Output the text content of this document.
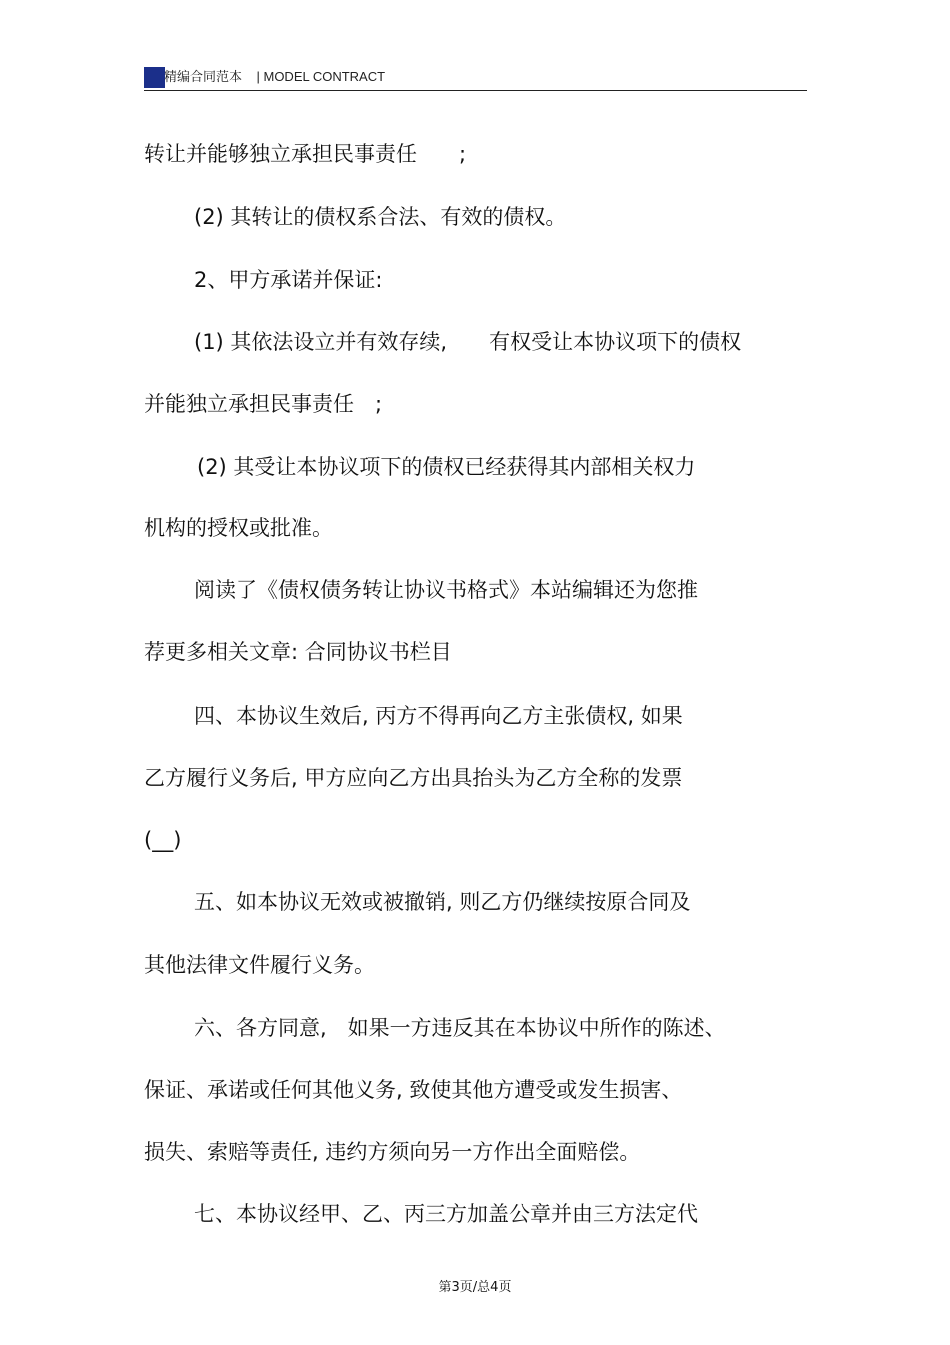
精编合同范本 | MODEL CONTRACT
转让并能够独立承担民事责任　　;
(2) 其转让的债权系合法、有效的债权。
2、甲方承诺并保证:
(1) 其依法设立并有效存续,　　有权受让本协议项下的债权
并能独立承担民事责任　;
(2) 其受让本协议项下的债权已经获得其内部相关权力
机构的授权或批准。
阅读了《债权债务转让协议书格式》本站编辑还为您推
荐更多相关文章: 合同协议书栏目
四、本协议生效后, 丙方不得再向乙方主张债权, 如果
乙方履行义务后, 甲方应向乙方出具抬头为乙方全称的发票
(__)
五、如本协议无效或被撤销, 则乙方仍继续按原合同及
其他法律文件履行义务。
六、各方同意,　如果一方违反其在本协议中所作的陈述、
保证、承诺或任何其他义务, 致使其他方遭受或发生损害、
损失、索赔等责任, 违约方须向另一方作出全面赔偿。
七、本协议经甲、乙、丙三方加盖公章并由三方法定代
第3页/总4页
